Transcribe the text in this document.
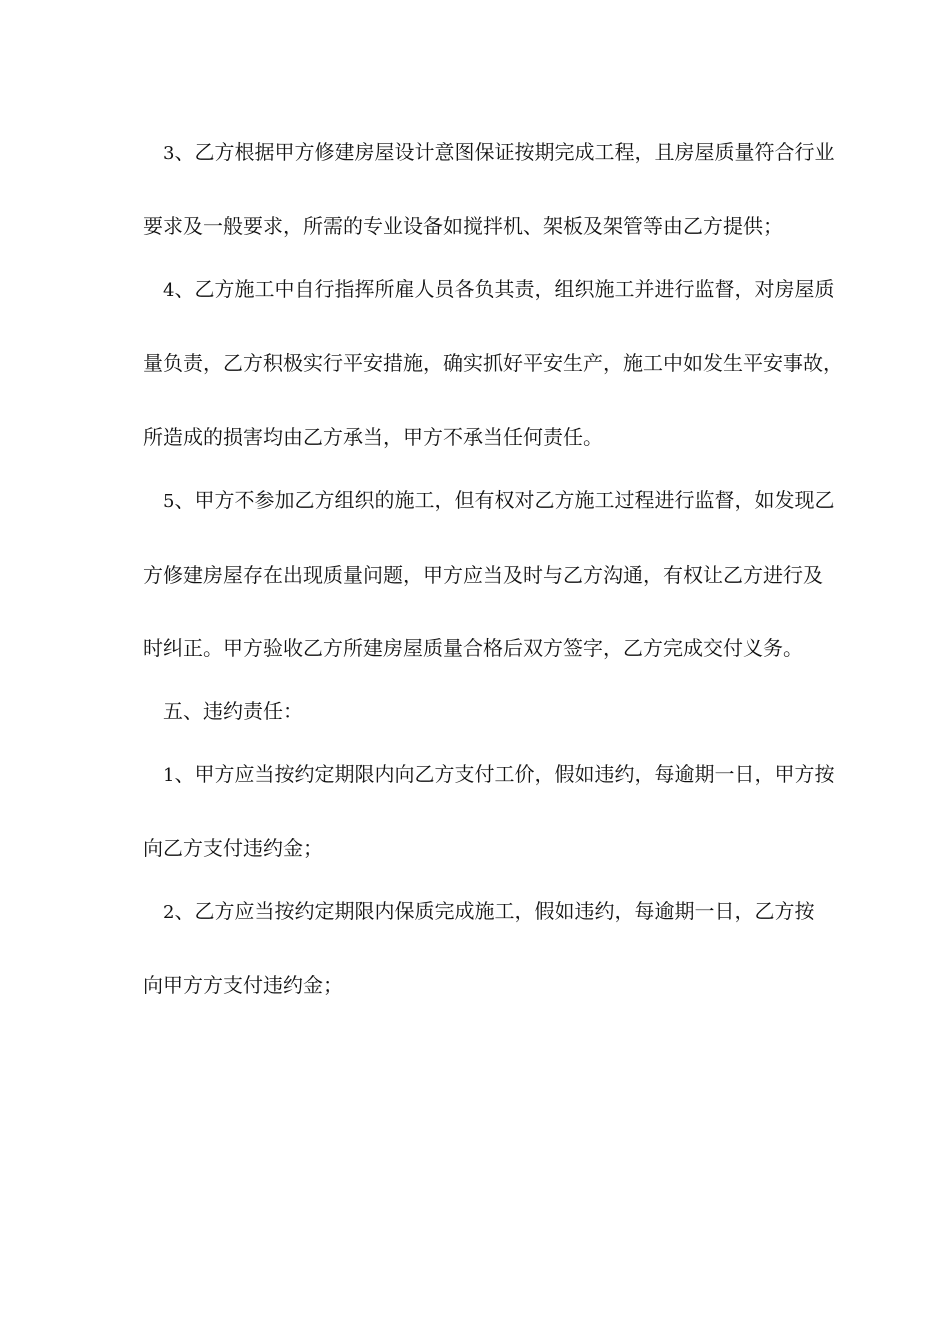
3、乙方根据甲方修建房屋设计意图保证按期完成工程，且房屋质量符合行业
要求及一般要求，所需的专业设备如搅拌机、架板及架管等由乙方提供；
4、乙方施工中自行指挥所雇人员各负其责，组织施工并进行监督，对房屋质
量负责，乙方积极实行平安措施，确实抓好平安生产，施工中如发生平安事故，
所造成的损害均由乙方承当，甲方不承当任何责任。
5、甲方不参加乙方组织的施工，但有权对乙方施工过程进行监督，如发现乙
方修建房屋存在出现质量问题，甲方应当及时与乙方沟通，有权让乙方进行及
时纠正。甲方验收乙方所建房屋质量合格后双方签字，乙方完成交付义务。
五、违约责任：
1、甲方应当按约定期限内向乙方支付工价，假如违约，每逾期一日，甲方按
向乙方支付违约金；
2、乙方应当按约定期限内保质完成施工，假如违约，每逾期一日，乙方按
向甲方方支付违约金；
